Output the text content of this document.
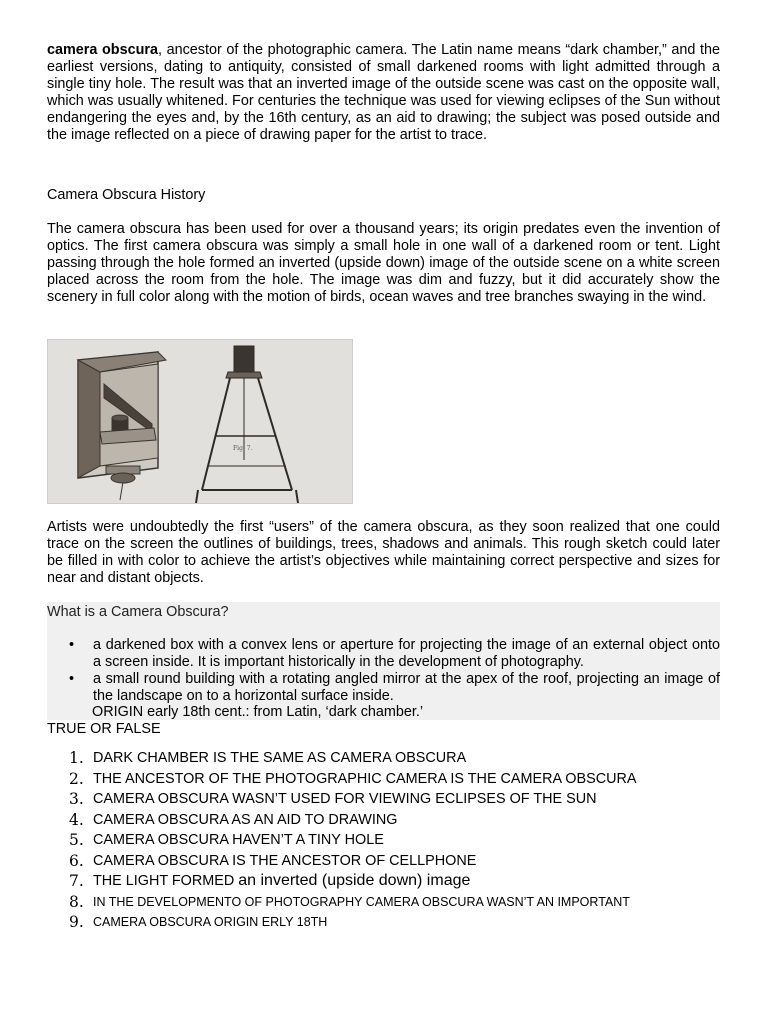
camera obscura, ancestor of the photographic camera. The Latin name means “dark chamber,” and the earliest versions, dating to antiquity, consisted of small darkened rooms with light admitted through a single tiny hole. The result was that an inverted image of the outside scene was cast on the opposite wall, which was usually whitened. For centuries the technique was used for viewing eclipses of the Sun without endangering the eyes and, by the 16th century, as an aid to drawing; the subject was posed outside and the image reflected on a piece of drawing paper for the artist to trace.

Camera Obscura History

The camera obscura has been used for over a thousand years; its origin predates even the invention of optics. The first camera obscura was simply a small hole in one wall of a darkened room or tent. Light passing through the hole formed an inverted (upside down) image of the outside scene on a white screen placed across the room from the hole. The image was dim and fuzzy, but it did accurately show the scenery in full color along with the motion of birds, ocean waves and tree branches swaying in the wind.

Fig. 7.

Artists were undoubtedly the first “users” of the camera obscura, as they soon realized that one could trace on the screen the outlines of buildings, trees, shadows and animals. This rough sketch could later be filled in with color to achieve the artist’s objectives while maintaining correct perspective and sizes for near and distant objects.

What is a Camera Obscura?
• a darkened box with a convex lens or aperture for projecting the image of an external object onto a screen inside. It is important historically in the development of photography.
• a small round building with a rotating angled mirror at the apex of the roof, projecting an image of the landscape on to a horizontal surface inside.
ORIGIN early 18th cent.: from Latin, ‘dark chamber.’
TRUE OR FALSE
1. DARK CHAMBER IS THE SAME AS CAMERA OBSCURA
2. THE ANCESTOR OF THE PHOTOGRAPHIC CAMERA IS THE CAMERA OBSCURA
3. CAMERA OBSCURA WASN’T USED FOR VIEWING ECLIPSES OF THE SUN
4. CAMERA OBSCURA AS AN AID TO DRAWING
5. CAMERA OBSCURA HAVEN’T A TINY HOLE
6. CAMERA OBSCURA IS THE ANCESTOR OF CELLPHONE
7. THE LIGHT FORMED an inverted (upside down) image
8. IN THE DEVELOPMENTO OF PHOTOGRAPHY CAMERA OBSCURA WASN’T AN IMPORTANT
9. CAMERA OBSCURA ORIGIN ERLY 18TH
